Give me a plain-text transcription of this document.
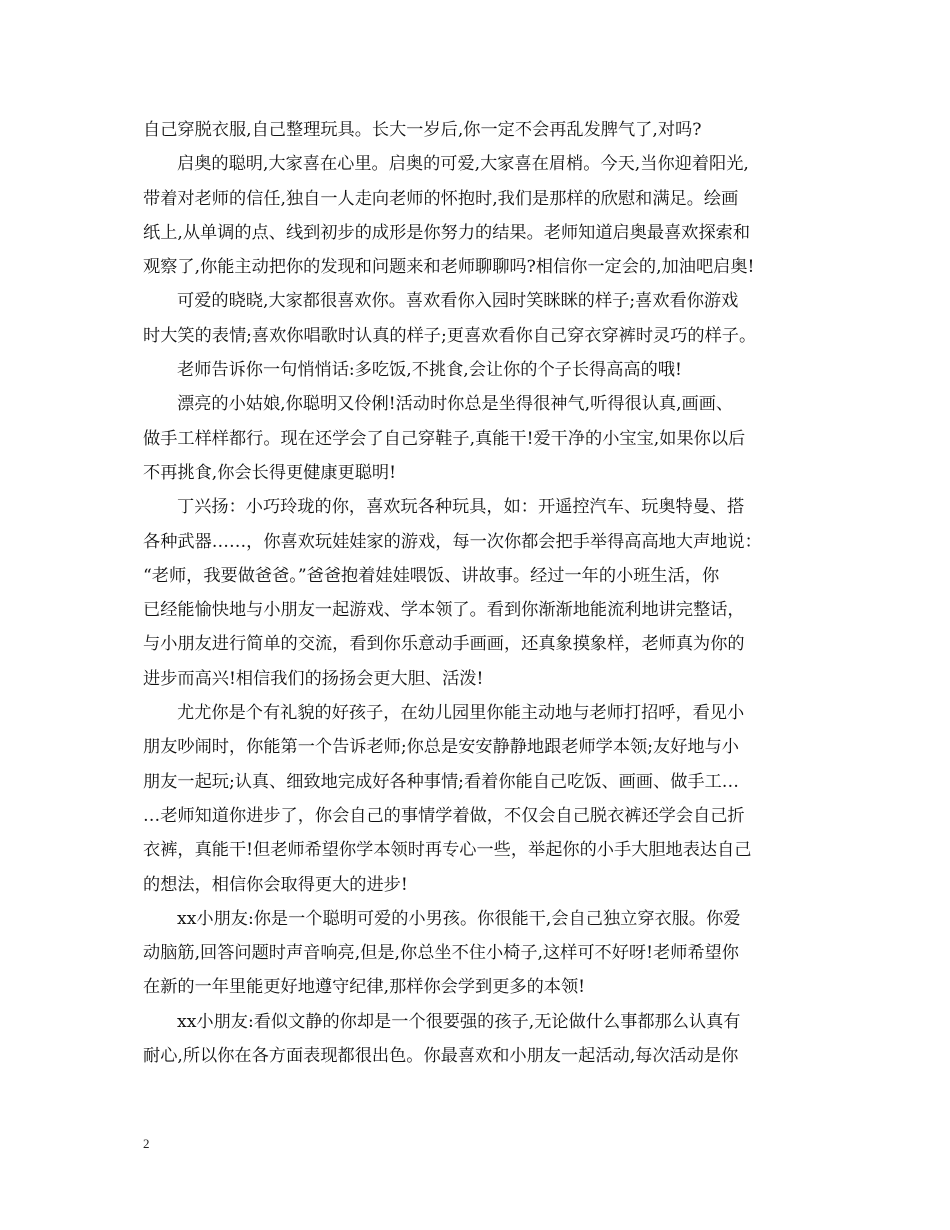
自己穿脱衣服,自己整理玩具。长大一岁后,你一定不会再乱发脾气了,对吗?
启奥的聪明,大家喜在心里。启奥的可爱,大家喜在眉梢。今天,当你迎着阳光,
带着对老师的信任,独自一人走向老师的怀抱时,我们是那样的欣慰和满足。绘画
纸上,从单调的点、线到初步的成形是你努力的结果。老师知道启奥最喜欢探索和
观察了,你能主动把你的发现和问题来和老师聊聊吗?相信你一定会的,加油吧启奥!
可爱的晓晓,大家都很喜欢你。喜欢看你入园时笑眯眯的样子;喜欢看你游戏
时大笑的表情;喜欢你唱歌时认真的样子;更喜欢看你自己穿衣穿裤时灵巧的样子。
老师告诉你一句悄悄话:多吃饭,不挑食,会让你的个子长得高高的哦!
漂亮的小姑娘,你聪明又伶俐!活动时你总是坐得很神气,听得很认真,画画、
做手工样样都行。现在还学会了自己穿鞋子,真能干!爱干净的小宝宝,如果你以后
不再挑食,你会长得更健康更聪明!
丁兴扬：小巧玲珑的你，喜欢玩各种玩具，如：开遥控汽车、玩奥特曼、搭
各种武器……，你喜欢玩娃娃家的游戏，每一次你都会把手举得高高地大声地说：
“老师，我要做爸爸。”爸爸抱着娃娃喂饭、讲故事。经过一年的小班生活，你
已经能愉快地与小朋友一起游戏、学本领了。看到你渐渐地能流利地讲完整话，
与小朋友进行简单的交流，看到你乐意动手画画，还真象摸象样，老师真为你的
进步而高兴!相信我们的扬扬会更大胆、活泼!
尤尤你是个有礼貌的好孩子，在幼儿园里你能主动地与老师打招呼，看见小
朋友吵闹时，你能第一个告诉老师;你总是安安静静地跟老师学本领;友好地与小
朋友一起玩;认真、细致地完成好各种事情;看着你能自己吃饭、画画、做手工…
…老师知道你进步了，你会自己的事情学着做，不仅会自己脱衣裤还学会自己折
衣裤，真能干!但老师希望你学本领时再专心一些，举起你的小手大胆地表达自己
的想法，相信你会取得更大的进步!
xx小朋友:你是一个聪明可爱的小男孩。你很能干,会自己独立穿衣服。你爱
动脑筋,回答问题时声音响亮,但是,你总坐不住小椅子,这样可不好呀!老师希望你
在新的一年里能更好地遵守纪律,那样你会学到更多的本领!
xx小朋友:看似文静的你却是一个很要强的孩子,无论做什么事都那么认真有
耐心,所以你在各方面表现都很出色。你最喜欢和小朋友一起活动,每次活动是你
2
